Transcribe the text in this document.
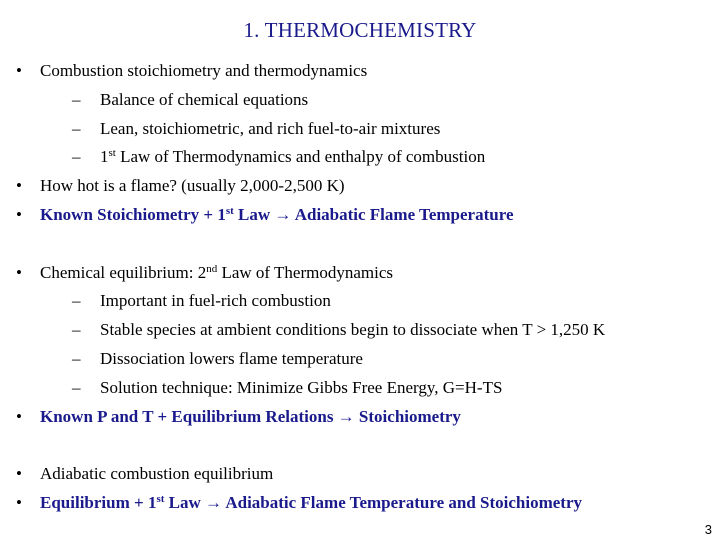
1. THERMOCHEMISTRY
• Combustion stoichiometry and thermodynamics
– Balance of chemical equations
– Lean, stoichiometric, and rich fuel-to-air mixtures
– 1st Law of Thermodynamics and enthalpy of combustion
• How hot is a flame? (usually 2,000-2,500 K)
• Known Stoichiometry + 1st Law → Adiabatic Flame Temperature
• Chemical equilibrium: 2nd Law of Thermodynamics
– Important in fuel-rich combustion
– Stable species at ambient conditions begin to dissociate when T > 1,250 K
– Dissociation lowers flame temperature
– Solution technique: Minimize Gibbs Free Energy, G=H-TS
• Known P and T + Equilibrium Relations → Stoichiometry
• Adiabatic combustion equilibrium
• Equilibrium + 1st Law → Adiabatic Flame Temperature and Stoichiometry
3
